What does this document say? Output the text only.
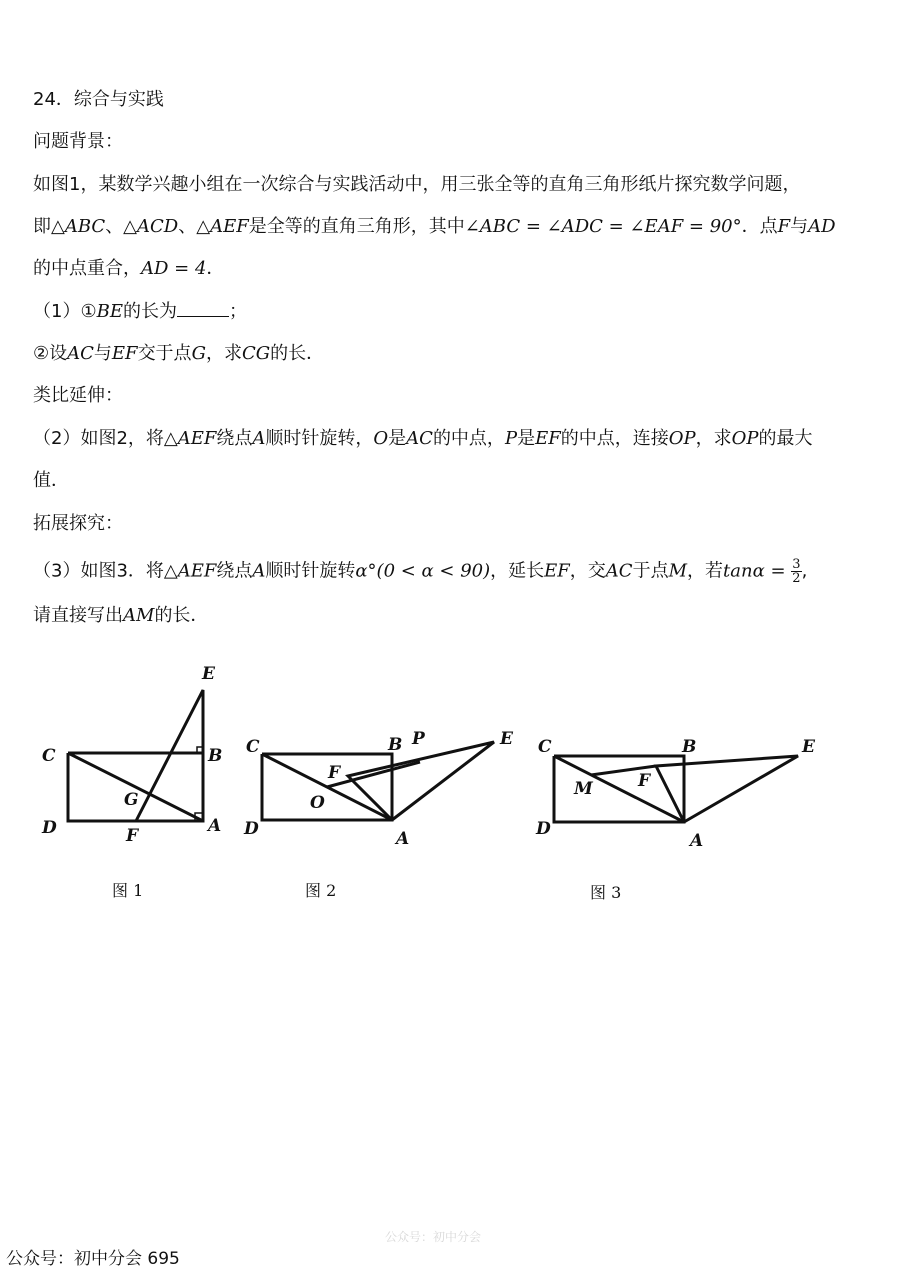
24．综合与实践
问题背景：
如图1，某数学兴趣小组在一次综合与实践活动中，用三张全等的直角三角形纸片探究数学问题，
即△ABC、△ACD、△AEF是全等的直角三角形，其中∠ABC = ∠ADC = ∠EAF = 90°．点F与AD
的中点重合，AD = 4．
（1）①BE的长为	；
②设AC与EF交于点G，求CG的长．
类比延伸：
（2）如图2，将△AEF绕点A顺时针旋转，O是AC的中点，P是EF的中点，连接OP，求OP的最大
值．
拓展探究：
（3）如图3．将△AEF绕点A顺时针旋转α°(0 < α < 90)，延长EF，交AC于点M，若$\tan\alpha = \frac{3}{2}$ ,
请直接写出AM的长．
E
C	B
G
D	F	A
图 1
C	B P	E
F
O
D	A
图 2
C	B	E
M	F
D
A
图 3
公众号：初中分会
公众号：初中分会 695
